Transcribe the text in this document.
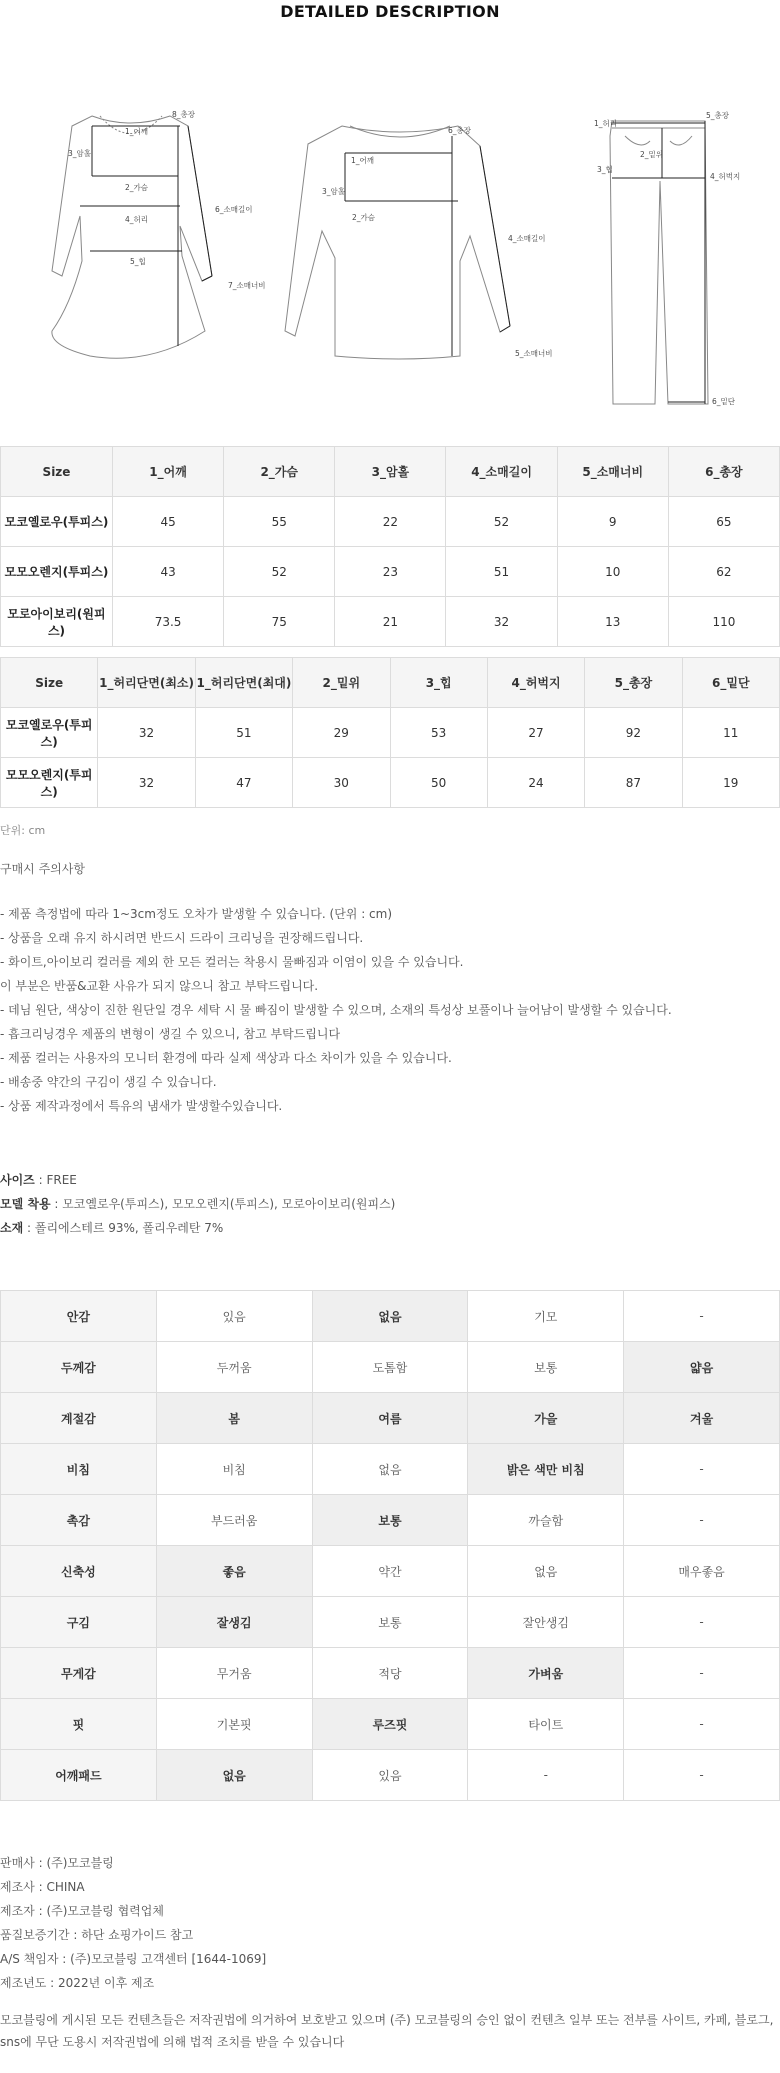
DETAILED DESCRIPTION
8_총장
1_어깨
3_암홀
2_가슴
6_소매길이
4_허리
5_힙
7_소매너비
6_총장
1_어깨
3_암홀
2_가슴
4_소매길이
5_소매너비
1_허리
5_총장
2_밑위
3_힙
4_허벅지
6_밑단
Size	1_어깨	2_가슴	3_암홀	4_소매길이	5_소매너비	6_총장
모코옐로우(투피스)	45	55	22	52	9	65
모모오렌지(투피스)	43	52	23	51	10	62
모로아이보리(원피스)	73.5	75	21	32	13	110
Size	1_허리단면(최소)	1_허리단면(최대)	2_밑위	3_힙	4_허벅지	5_총장	6_밑단
모코옐로우(투피스)	32	51	29	53	27	92	11
모모오렌지(투피스)	32	47	30	50	24	87	19
단위: cm
구매시 주의사항
- 제품 측정법에 따라 1~3cm정도 오차가 발생할 수 있습니다. (단위 : cm)
- 상품을 오래 유지 하시려면 반드시 드라이 크리닝을 권장해드립니다.
- 화이트,아이보리 컬러를 제외 한 모든 컬러는 착용시 물빠짐과 이염이 있을 수 있습니다.
이 부분은 반품&교환 사유가 되지 않으니 참고 부탁드립니다.
- 데님 원단, 색상이 진한 원단일 경우 세탁 시 물 빠짐이 발생할 수 있으며, 소재의 특성상 보풀이나 늘어남이 발생할 수 있습니다.
- 흡크리닝경우 제품의 변형이 생길 수 있으니, 참고 부탁드립니다
- 제품 컬러는 사용자의 모니터 환경에 따라 실제 색상과 다소 차이가 있을 수 있습니다.
- 배송중 약간의 구김이 생길 수 있습니다.
- 상품 제작과정에서 특유의 냄새가 발생할수있습니다.
사이즈 : FREE
모델 착용 : 모코옐로우(투피스), 모모오렌지(투피스), 모로아이보리(원피스)
소재 : 폴리에스테르 93%, 폴리우레탄 7%
안감	있음	없음	기모	-
두께감	두꺼움	도톰함	보통	얇음
계절감	봄	여름	가을	겨울
비침	비침	없음	밝은 색만 비침	-
촉감	부드러움	보통	까슬함	-
신축성	좋음	약간	없음	매우좋음
구김	잘생김	보통	잘안생김	-
무게감	무거움	적당	가벼움	-
핏	기본핏	루즈핏	타이트	-
어깨패드	없음	있음	-	-
판매사 : (주)모코블링
제조사 : CHINA
제조자 : (주)모코블링 협력업체
품질보증기간 : 하단 쇼핑가이드 참고
A/S 책임자 : (주)모코블링 고객센터 [1644-1069]
제조년도 : 2022년 이후 제조
모코블링에 게시된 모든 컨텐츠들은 저작권법에 의거하여 보호받고 있으며 (주) 모코블링의 승인 없이 컨텐츠 일부 또는 전부를 사이트, 카페, 블로그, sns에 무단 도용시 저작권법에 의해 법적 조치를 받을 수 있습니다
